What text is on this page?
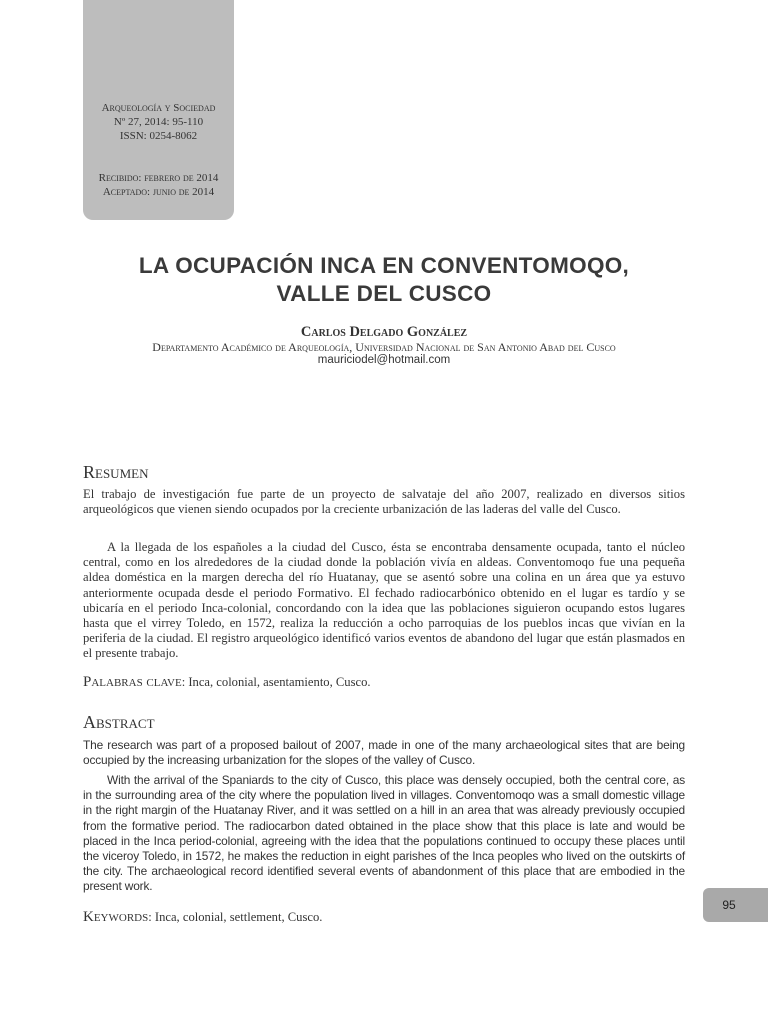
Arqueología y Sociedad
Nº 27, 2014: 95-110
ISSN: 0254-8062
Recibido: febrero de 2014
Aceptado: junio de 2014
LA OCUPACIÓN INCA EN CONVENTOMOQO,
VALLE DEL CUSCO
Carlos Delgado González
Departamento Académico de Arqueología, Universidad Nacional de San Antonio Abad del Cusco
mauriciodel@hotmail.com
Resumen

El trabajo de investigación fue parte de un proyecto de salvataje del año 2007, realizado en diversos sitios arqueológicos que vienen siendo ocupados por la creciente urbanización de las laderas del valle del Cusco.

A la llegada de los españoles a la ciudad del Cusco, ésta se encontraba densamente ocupada, tanto el núcleo central, como en los alrededores de la ciudad donde la población vivía en aldeas. Conventomoqo fue una pequeña aldea doméstica en la margen derecha del río Huatanay, que se asentó sobre una colina en un área que ya estuvo anteriormente ocupada desde el periodo Formativo. El fechado radiocarbónico obtenido en el lugar es tardío y se ubicaría en el periodo Inca-colonial, concordando con la idea que las poblaciones siguieron ocupando estos lugares hasta que el virrey Toledo, en 1572, realiza la reducción a ocho parroquias de los pueblos incas que vivían en la periferia de la ciudad. El registro arqueológico identificó varios eventos de abandono del lugar que están plasmados en el presente trabajo.

Palabras clave: Inca, colonial, asentamiento, Cusco.

Abstract

The research was part of a proposed bailout of 2007, made in one of the many archaeological sites that are being occupied by the increasing urbanization for the slopes of the valley of Cusco.

With the arrival of the Spaniards to the city of Cusco, this place was densely occupied, both the central core, as in the surrounding area of the city where the population lived in villages. Conventomoqo was a small domestic village in the right margin of the Huatanay River, and it was settled on a hill in an area that was already previously occupied from the formative period. The radiocarbon dated obtained in the place show that this place is late and would be placed in the Inca period-colonial, agreeing with the idea that the populations continued to occupy these places until the viceroy Toledo, in 1572, he makes the reduction in eight parishes of the Inca peoples who lived on the outskirts of the city. The archaeological record identified several events of abandonment of this place that are embodied in the present work.

Keywords: Inca, colonial, settlement, Cusco.

95
